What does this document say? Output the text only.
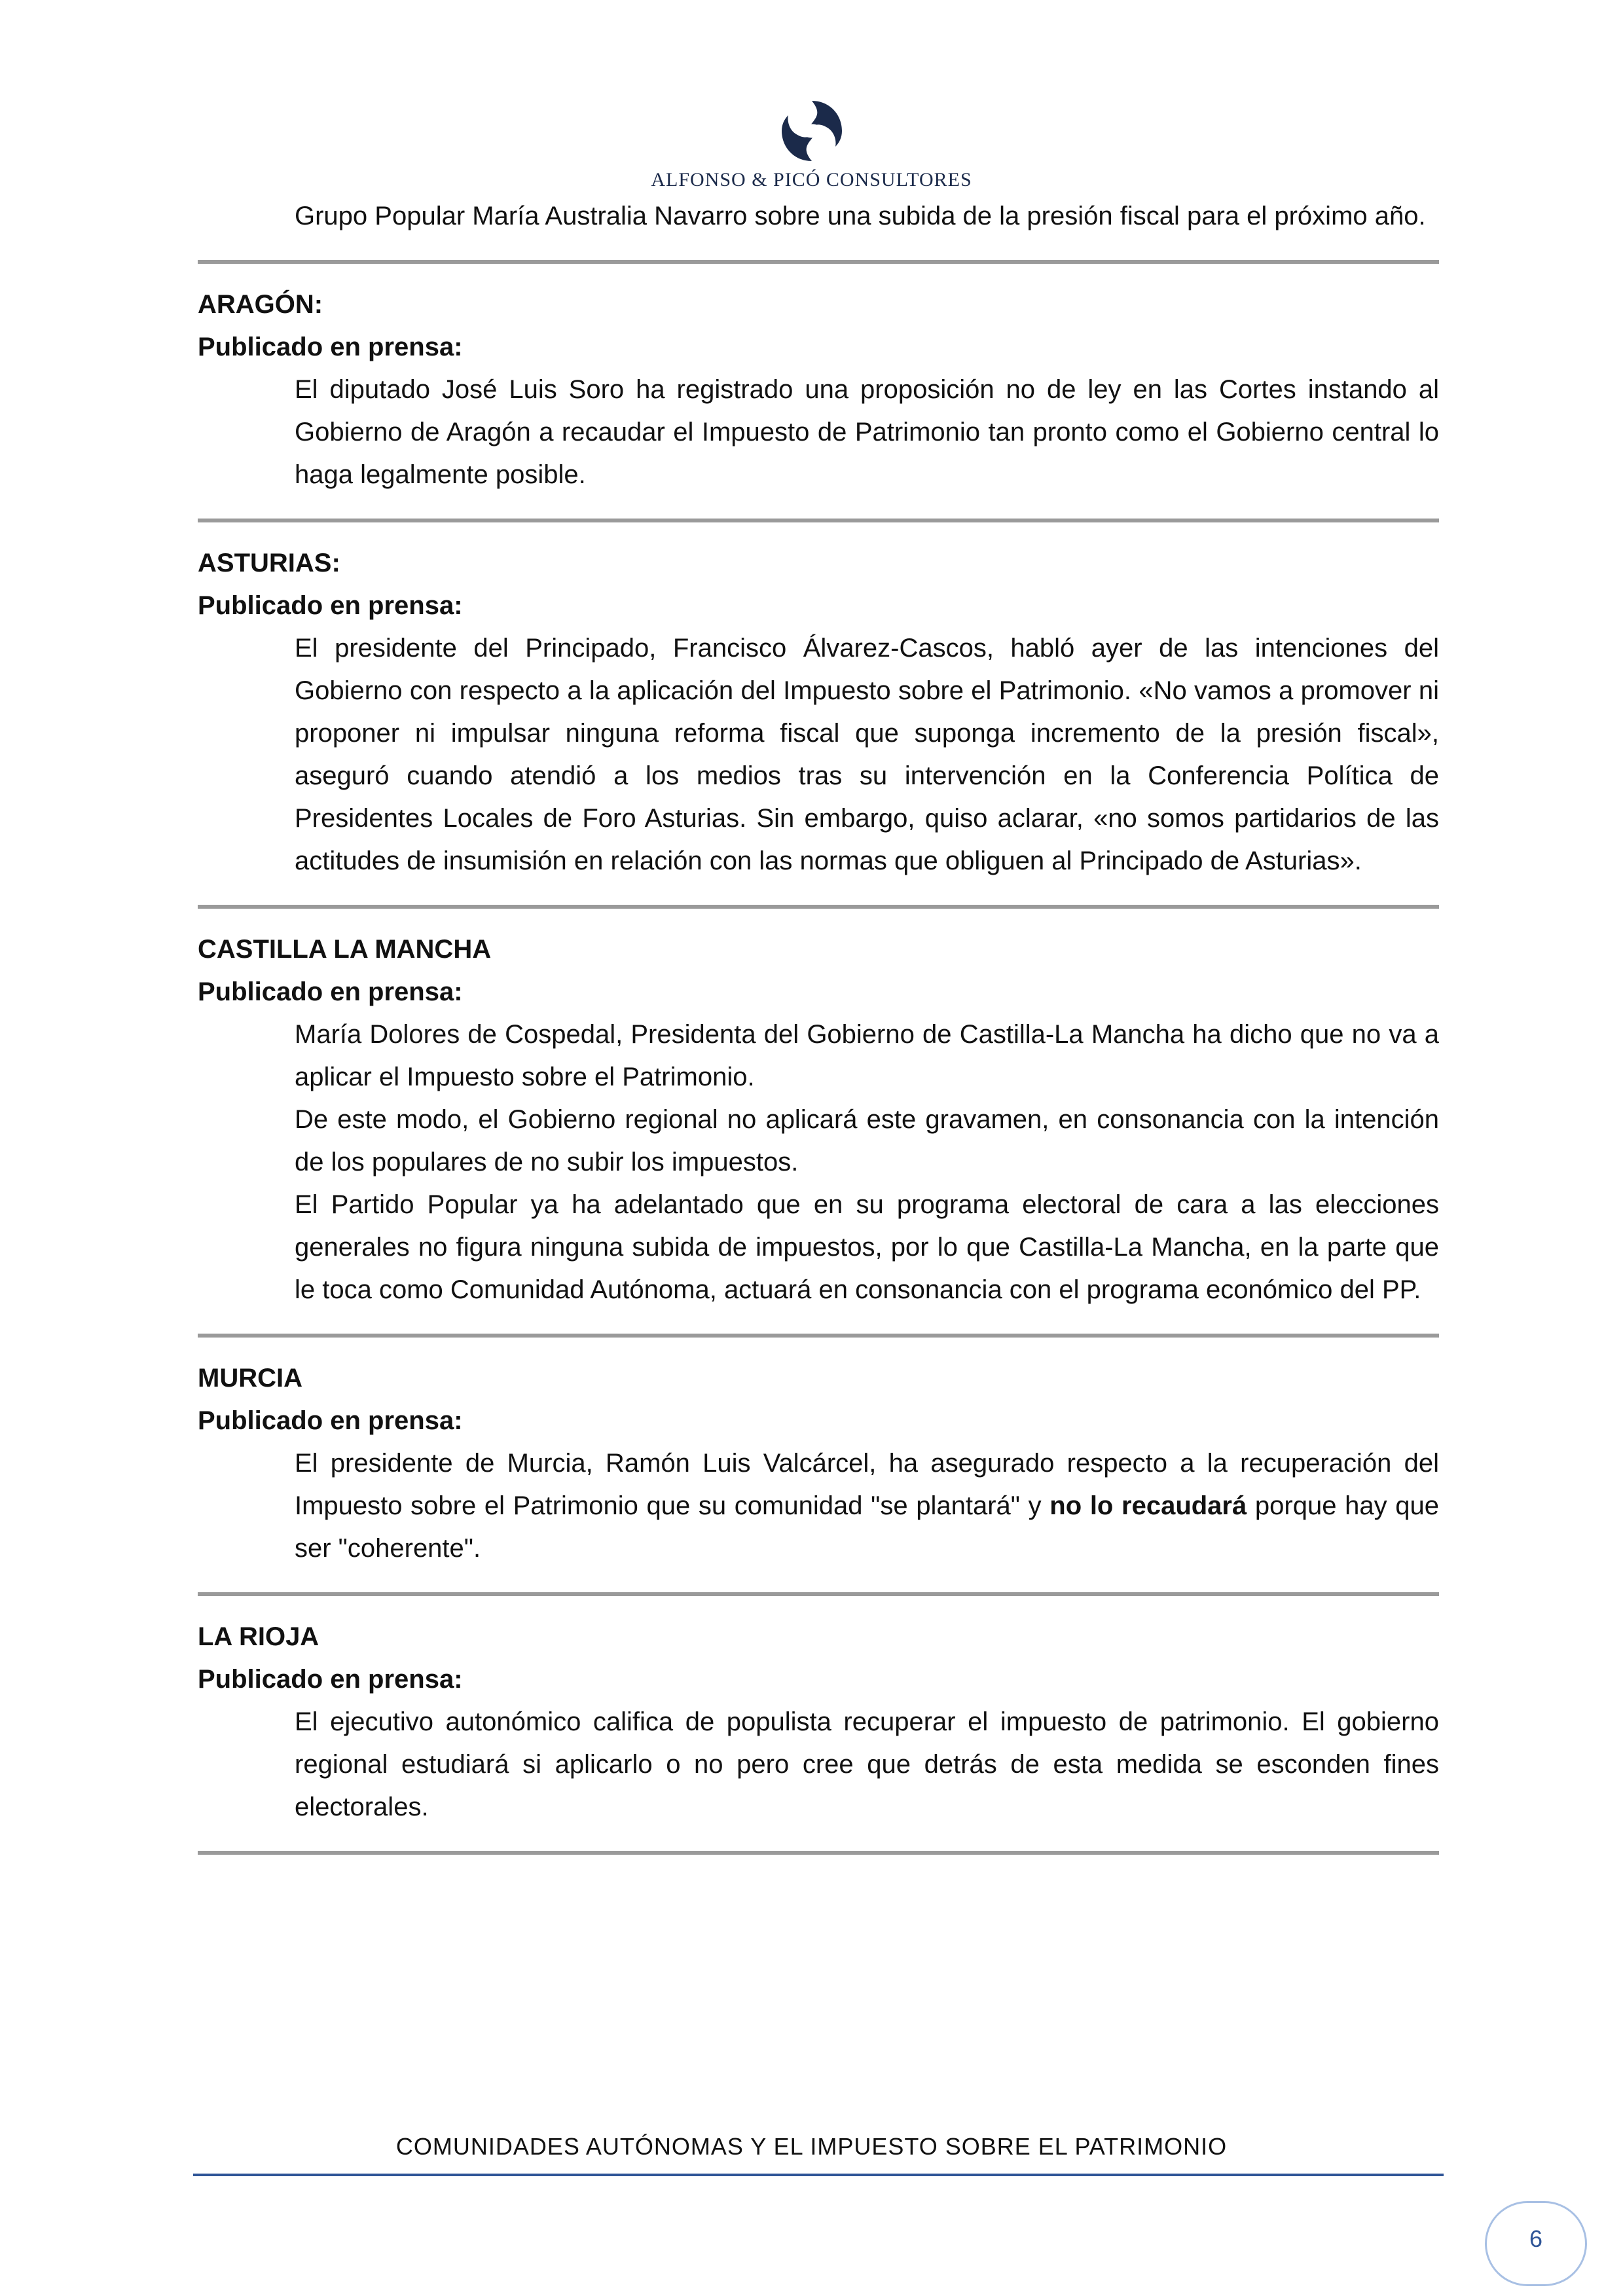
ALFONSO & PICÓ CONSULTORES

Grupo Popular María Australia Navarro sobre una subida de la presión fiscal para el próximo año.

ARAGÓN:

Publicado en prensa:

El diputado José Luis Soro ha registrado una proposición no de ley en las Cortes instando al Gobierno de Aragón a recaudar el Impuesto de Patrimonio tan pronto como el Gobierno central lo haga legalmente posible.

ASTURIAS:

Publicado en prensa:

El presidente del Principado, Francisco Álvarez-Cascos, habló ayer de las intenciones del Gobierno con respecto a la aplicación del Impuesto sobre el Patrimonio. «No vamos a promover ni proponer ni impulsar ninguna reforma fiscal que suponga incremento de la presión fiscal», aseguró cuando atendió a los medios tras su intervención en la Conferencia Política de Presidentes Locales de Foro Asturias. Sin embargo, quiso aclarar, «no somos partidarios de las actitudes de insumisión en relación con las normas que obliguen al Principado de Asturias».

CASTILLA LA MANCHA

Publicado en prensa:

María Dolores de Cospedal, Presidenta del Gobierno de Castilla-La Mancha ha dicho que no va a aplicar el Impuesto sobre el Patrimonio.

De este modo, el Gobierno regional no aplicará este gravamen, en consonancia con la intención de los populares de no subir los impuestos.

El Partido Popular ya ha adelantado que en su programa electoral de cara a las elecciones generales no figura ninguna subida de impuestos, por lo que Castilla-La Mancha, en la parte que le toca como Comunidad Autónoma, actuará en consonancia con el programa económico del PP.

MURCIA

Publicado en prensa:

El presidente de Murcia, Ramón Luis Valcárcel, ha asegurado respecto a la recuperación del Impuesto sobre el Patrimonio que su comunidad "se plantará" y no lo recaudará porque hay que ser "coherente".

LA RIOJA

Publicado en prensa:

El ejecutivo autonómico califica de populista recuperar el impuesto de patrimonio. El gobierno regional estudiará si aplicarlo o no pero cree que detrás de esta medida se esconden fines electorales.

COMUNIDADES AUTÓNOMAS Y EL IMPUESTO SOBRE EL PATRIMONIO
6
